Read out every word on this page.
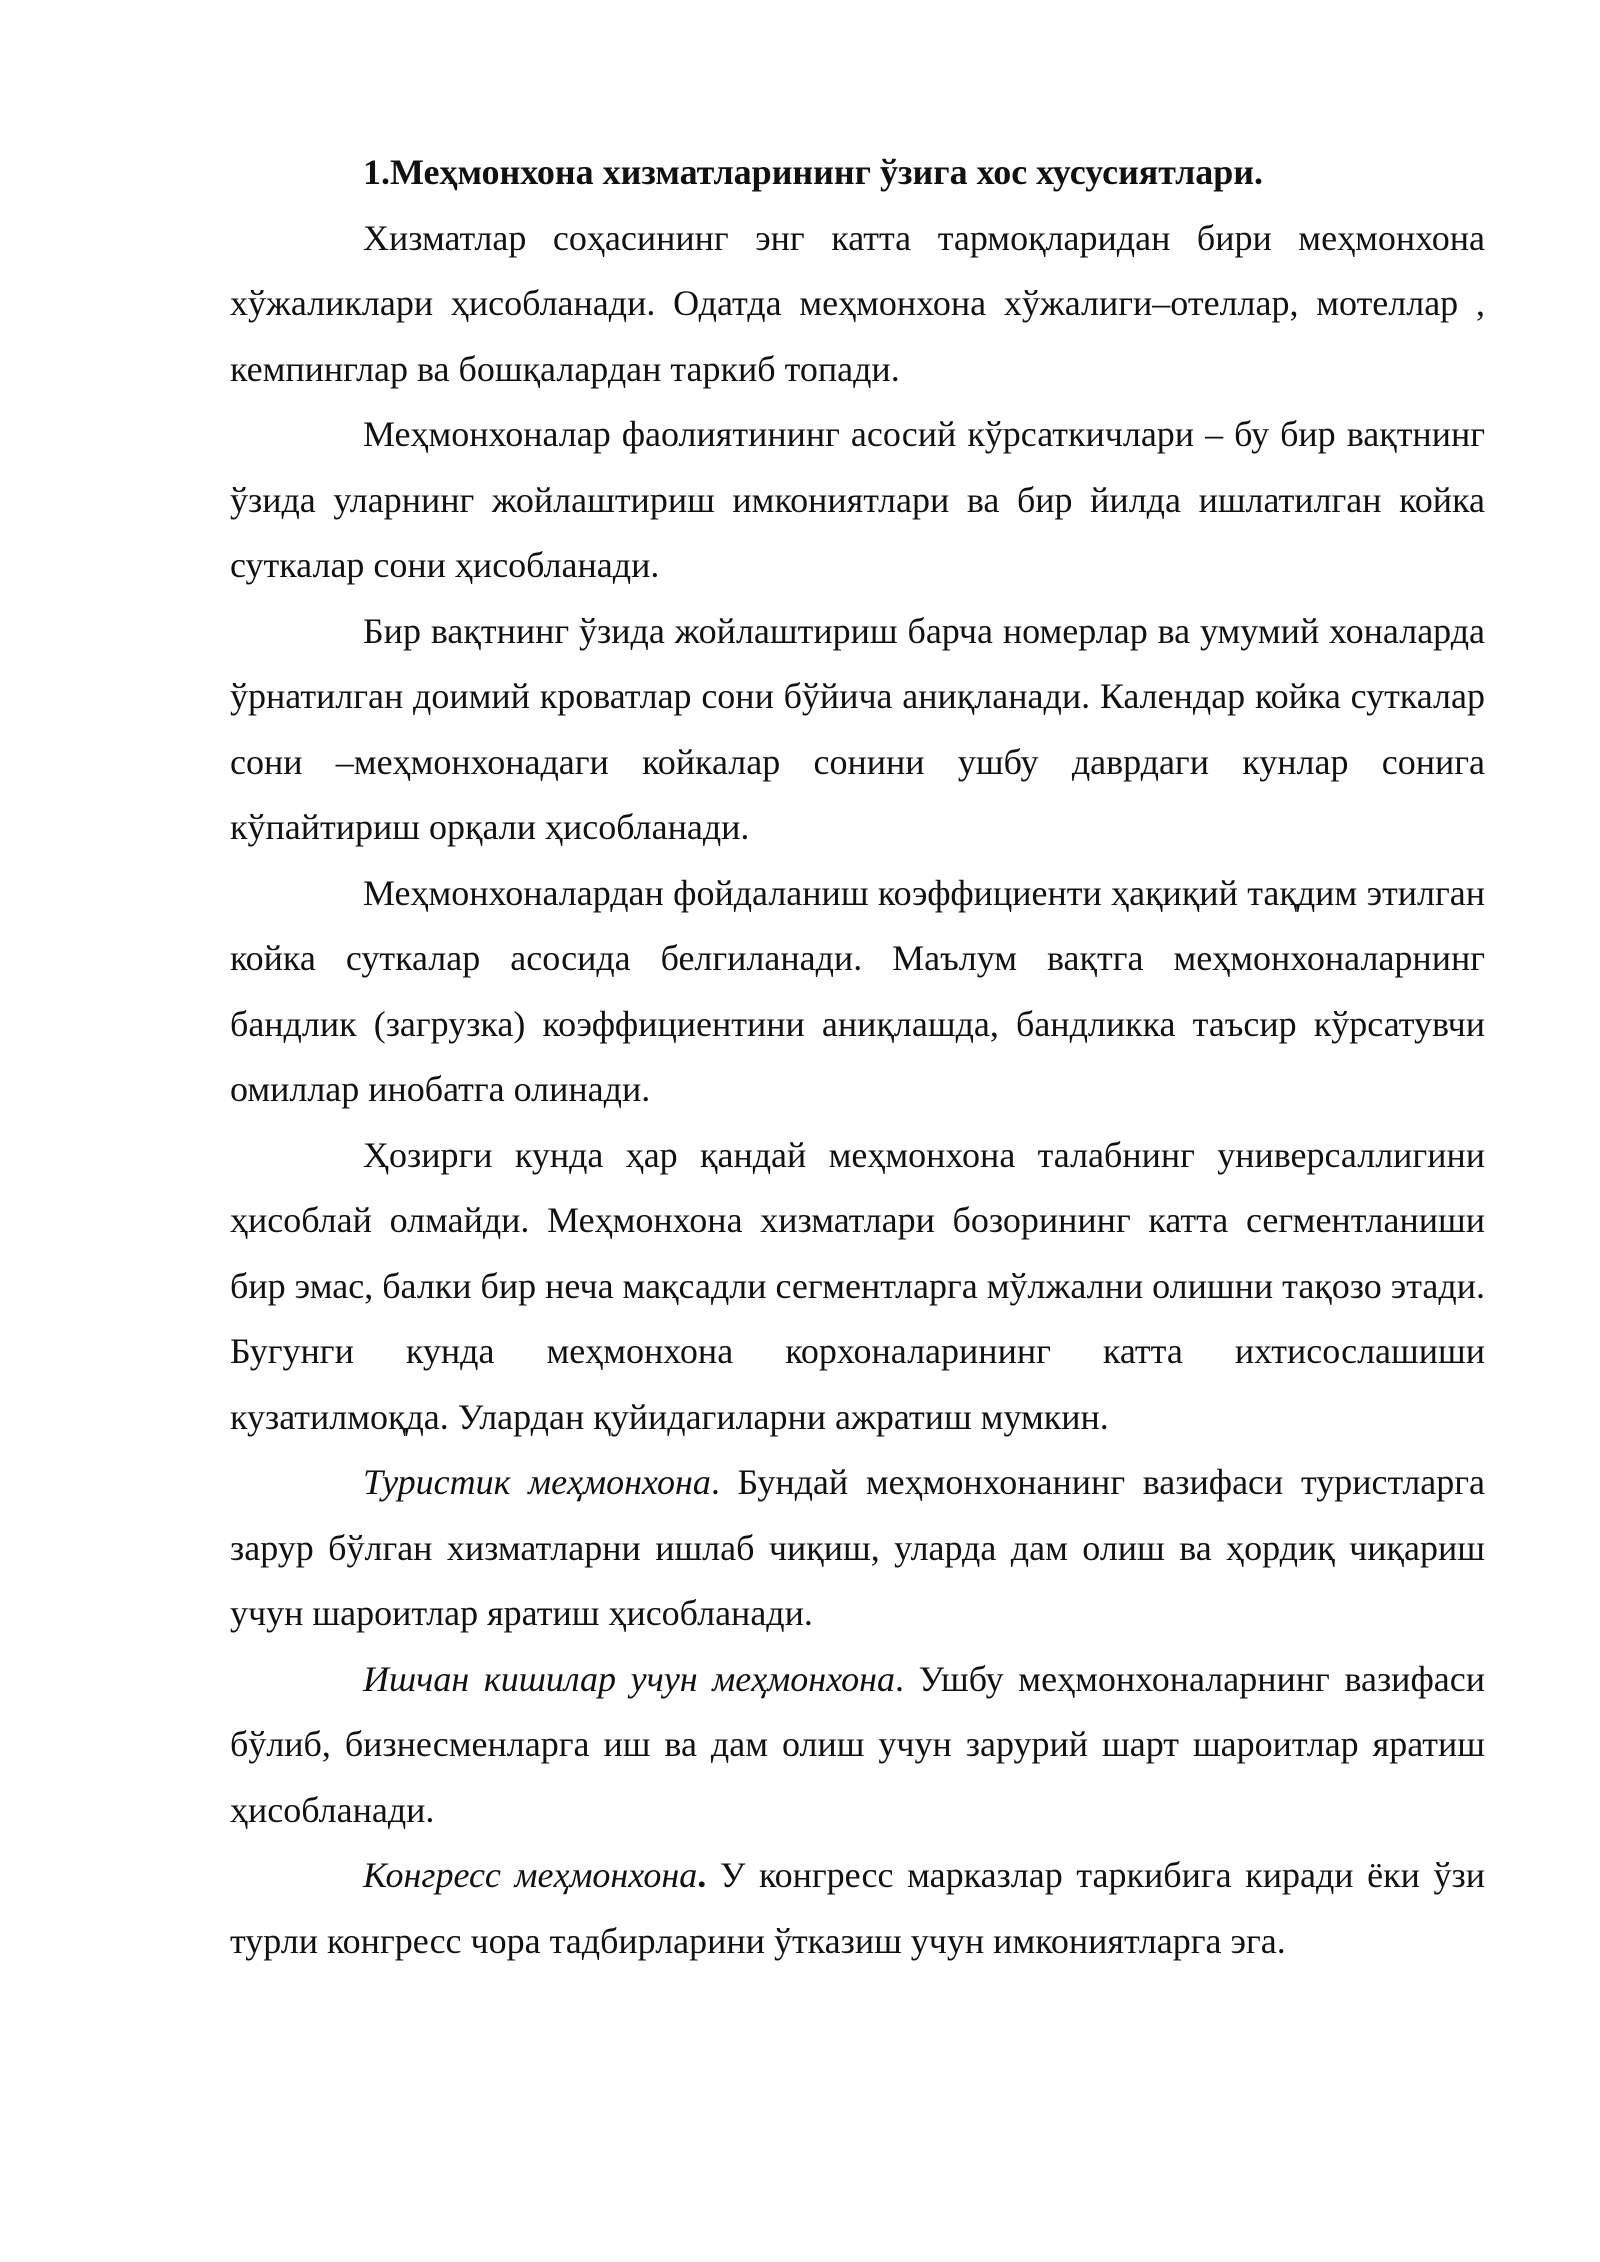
1.Меҳмонхона хизматларининг ўзига хос хусусиятлари.

Хизматлар соҳасининг энг катта тармоқларидан бири меҳмонхона хўжаликлари ҳисобланади. Одатда меҳмонхона хўжалиги–отеллар, мотеллар , кемпинглар ва бошқалардан таркиб топади.

Меҳмонхоналар фаолиятининг асосий кўрсаткичлари – бу бир вақтнинг ўзида уларнинг жойлаштириш имкониятлари ва бир йилда ишлатилган койка суткалар сони ҳисобланади.

Бир вақтнинг ўзида жойлаштириш барча номерлар ва умумий хоналарда ўрнатилган доимий кроватлар сони бўйича аниқланади. Календар койка суткалар сони –меҳмонхонадаги койкалар сонини ушбу даврдаги кунлар сонига кўпайтириш орқали ҳисобланади.

Меҳмонхоналардан фойдаланиш коэффициенти ҳақиқий тақдим этилган койка суткалар асосида белгиланади. Маълум вақтга меҳмонхоналарнинг бандлик (загрузка) коэффициентини аниқлашда, бандликка таъсир кўрсатувчи омиллар инобатга олинади.

Ҳозирги кунда ҳар қандай меҳмонхона талабнинг универсаллигини ҳисоблай олмайди. Меҳмонхона хизматлари бозорининг катта сегментланиши бир эмас, балки бир неча мақсадли сегментларга мўлжални олишни тақозо этади. Бугунги кунда меҳмонхона корхоналарининг катта ихтисослашиши кузатилмоқда. Улардан қуйидагиларни ажратиш мумкин.

Туристик меҳмонхона. Бундай меҳмонхонанинг вазифаси туристларга зарур бўлган хизматларни ишлаб чиқиш, уларда дам олиш ва ҳордиқ чиқариш учун шароитлар яратиш ҳисобланади.

Ишчан кишилар учун меҳмонхона. Ушбу меҳмонхоналарнинг вазифаси бўлиб, бизнесменларга иш ва дам олиш учун зарурий шарт шароитлар яратиш ҳисобланади.

Конгресс меҳмонхона. У конгресс марказлар таркибига киради ёки ўзи турли конгресс чора тадбирларини ўтказиш учун имкониятларга эга.
